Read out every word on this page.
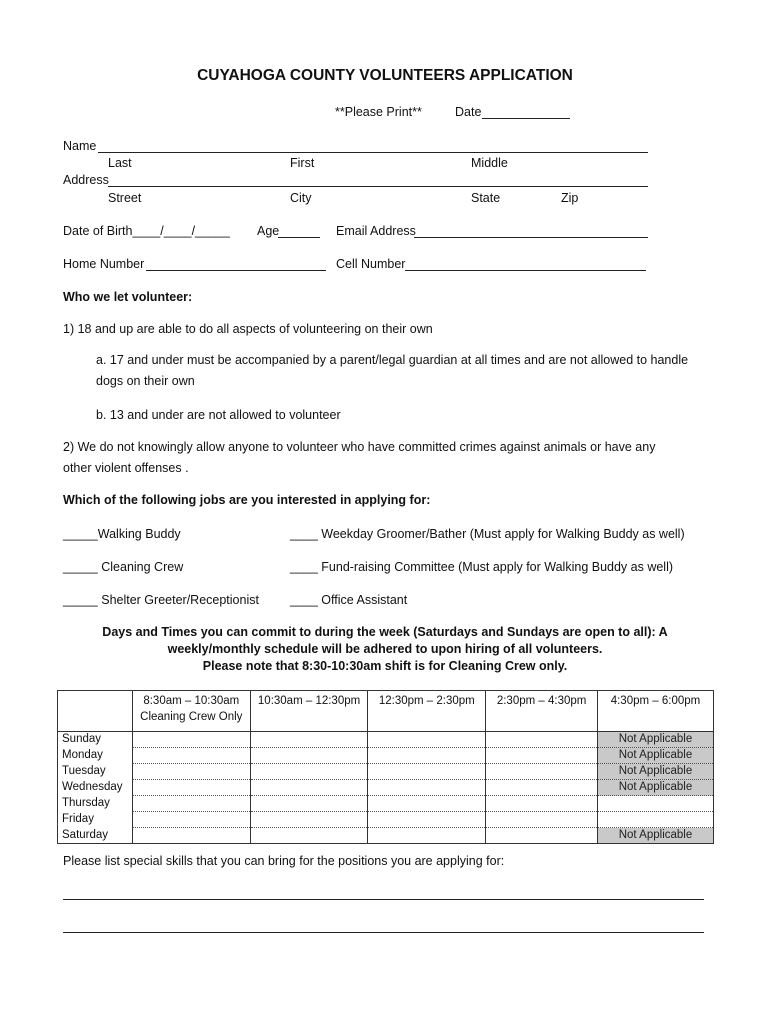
CUYAHOGA COUNTY VOLUNTEERS APPLICATION
**Please Print**	Date
Name
Last	First	Middle
Address
Street	City	State	Zip
Date of Birth____/____/_____ Age	Email Address
Home Number	Cell Number
Who we let volunteer:
1) 18 and up are able to do all aspects of volunteering on their own
a. 17 and under must be accompanied by a parent/legal guardian at all times and are not allowed to handle dogs on their own
b. 13 and under are not allowed to volunteer
2) We do not knowingly allow anyone to volunteer who have committed crimes against animals or have any other violent offenses .
Which of the following jobs are you interested in applying for:
_____Walking Buddy	____ Weekday Groomer/Bather (Must apply for Walking Buddy as well)
_____ Cleaning Crew	____ Fund-raising Committee (Must apply for Walking Buddy as well)
_____ Shelter Greeter/Receptionist ____ Office Assistant
Days and Times you can commit to during the week (Saturdays and Sundays are open to all): A
weekly/monthly schedule will be adhered to upon hiring of all volunteers.
Please note that 8:30-10:30am shift is for Cleaning Crew only.

	8:30am – 10:30am
Cleaning Crew Only	10:30am – 12:30pm	12:30pm – 2:30pm	2:30pm – 4:30pm	4:30pm – 6:00pm
Sunday					Not Applicable
Monday					Not Applicable
Tuesday					Not Applicable
Wednesday					Not Applicable
Thursday					
Friday					
Saturday					Not Applicable
Please list special skills that you can bring for the positions you are applying for:
